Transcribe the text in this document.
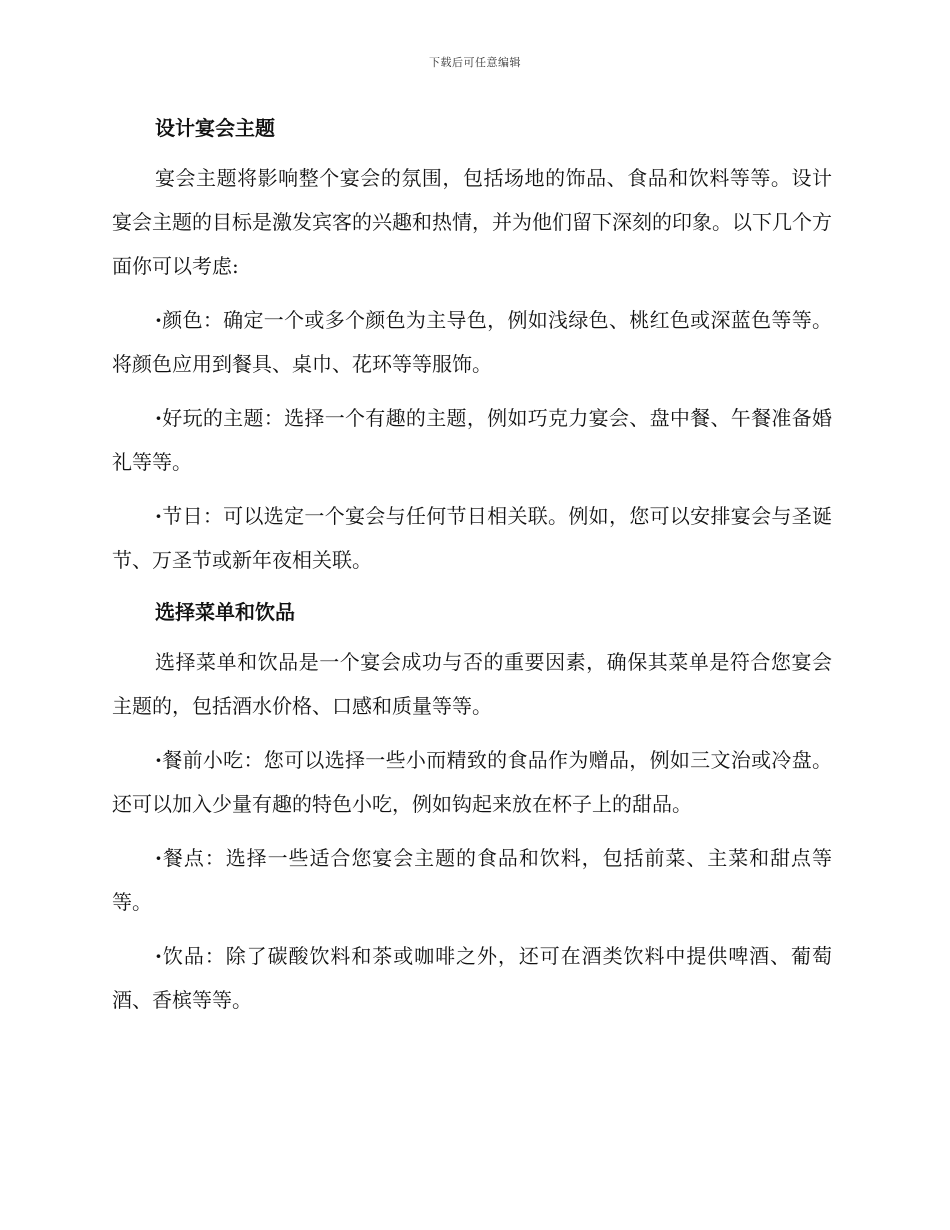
下载后可任意编辑
设计宴会主题

宴会主题将影响整个宴会的氛围，包括场地的饰品、食品和饮料等等。设计宴会主题的目标是激发宾客的兴趣和热情，并为他们留下深刻的印象。以下几个方面你可以考虑:

·颜色：确定一个或多个颜色为主导色，例如浅绿色、桃红色或深蓝色等等。将颜色应用到餐具、桌巾、花环等等服饰。

·好玩的主题：选择一个有趣的主题，例如巧克力宴会、盘中餐、午餐准备婚礼等等。

·节日：可以选定一个宴会与任何节日相关联。例如，您可以安排宴会与圣诞节、万圣节或新年夜相关联。

选择菜单和饮品

选择菜单和饮品是一个宴会成功与否的重要因素，确保其菜单是符合您宴会主题的，包括酒水价格、口感和质量等等。

·餐前小吃：您可以选择一些小而精致的食品作为赠品，例如三文治或冷盘。还可以加入少量有趣的特色小吃，例如钩起来放在杯子上的甜品。

·餐点：选择一些适合您宴会主题的食品和饮料，包括前菜、主菜和甜点等等。

·饮品：除了碳酸饮料和茶或咖啡之外，还可在酒类饮料中提供啤酒、葡萄酒、香槟等等。
